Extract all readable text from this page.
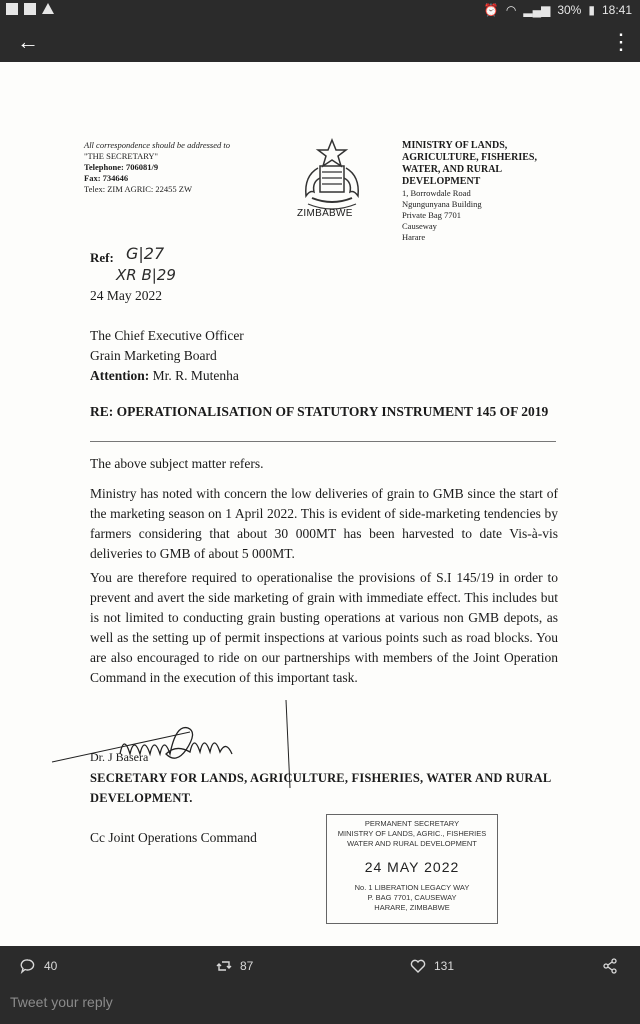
⏰ ◠ ▂▄▆ 30% ▮ 18:41
←	⋮
All correspondence should be addressed to
"THE SECRETARY"
Telephone: 706081/9
Fax: 734646
Telex: ZIM AGRIC: 22455 ZW
ZIMBABWE
MINISTRY OF LANDS,
AGRICULTURE, FISHERIES,
WATER, AND RURAL
DEVELOPMENT
1, Borrowdale Road
Ngungunyana Building
Private Bag 7701
Causeway
Harare
Ref: G|27
XR B|29
24 May 2022
The Chief Executive Officer
Grain Marketing Board
Attention: Mr. R. Mutenha
RE: OPERATIONALISATION OF STATUTORY INSTRUMENT 145 OF 2019
The above subject matter refers.
Ministry has noted with concern the low deliveries of grain to GMB since the start of the marketing season on 1 April 2022. This is evident of side-marketing tendencies by farmers considering that about 30 000MT has been harvested to date Vis-à-vis deliveries to GMB of about 5 000MT.
You are therefore required to operationalise the provisions of S.I 145/19 in order to prevent and avert the side marketing of grain with immediate effect. This includes but is not limited to conducting grain busting operations at various non GMB depots, as well as the setting up of permit inspections at various points such as road blocks. You are also encouraged to ride on our partnerships with members of the Joint Operation Command in the execution of this important task.
Dr. J Basera
SECRETARY FOR LANDS, AGRICULTURE, FISHERIES, WATER AND RURAL DEVELOPMENT.
Cc Joint Operations Command
PERMANENT SECRETARY
MINISTRY OF LANDS, AGRIC., FISHERIES
WATER AND RURAL DEVELOPMENT
24 MAY 2022
No. 1 LIBERATION LEGACY WAY
P. BAG 7701, CAUSEWAY
HARARE, ZIMBABWE
40	87	131
Tweet your reply
